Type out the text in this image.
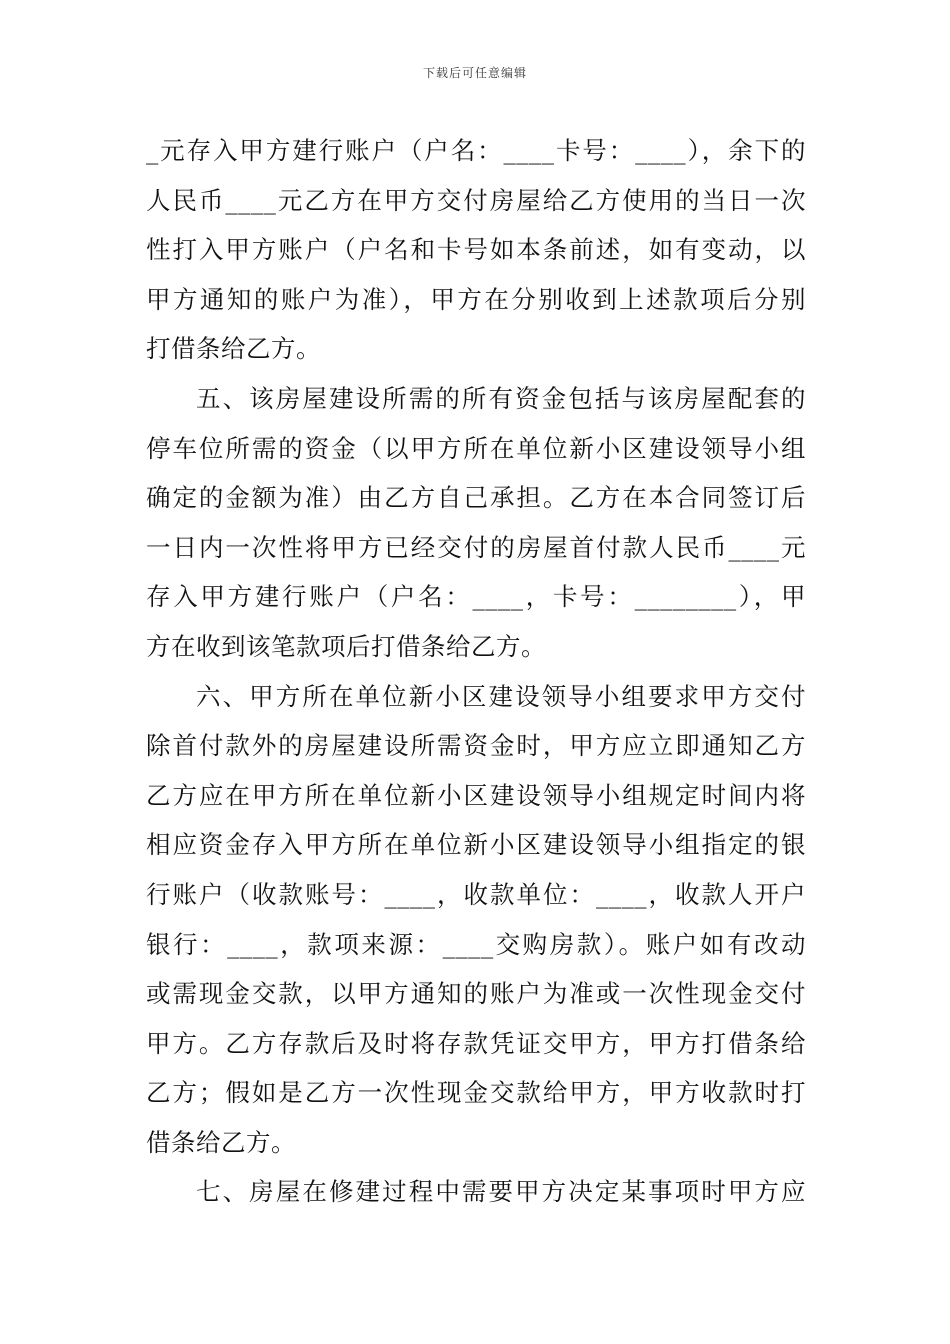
下载后可任意编辑
_元存入甲方建行账户（户名：____卡号：____），余下的
人民币____元乙方在甲方交付房屋给乙方使用的当日一次
性打入甲方账户（户名和卡号如本条前述，如有变动，以
甲方通知的账户为准），甲方在分别收到上述款项后分别
打借条给乙方。
五、该房屋建设所需的所有资金包括与该房屋配套的
停车位所需的资金（以甲方所在单位新小区建设领导小组
确定的金额为准）由乙方自己承担。乙方在本合同签订后
一日内一次性将甲方已经交付的房屋首付款人民币____元
存入甲方建行账户（户名：____，卡号：________），甲
方在收到该笔款项后打借条给乙方。
六、甲方所在单位新小区建设领导小组要求甲方交付
除首付款外的房屋建设所需资金时，甲方应立即通知乙方
乙方应在甲方所在单位新小区建设领导小组规定时间内将
相应资金存入甲方所在单位新小区建设领导小组指定的银
行账户（收款账号：____，收款单位：____，收款人开户
银行：____，款项来源：____交购房款）。账户如有改动
或需现金交款，以甲方通知的账户为准或一次性现金交付
甲方。乙方存款后及时将存款凭证交甲方，甲方打借条给
乙方；假如是乙方一次性现金交款给甲方，甲方收款时打
借条给乙方。
七、房屋在修建过程中需要甲方决定某事项时甲方应
